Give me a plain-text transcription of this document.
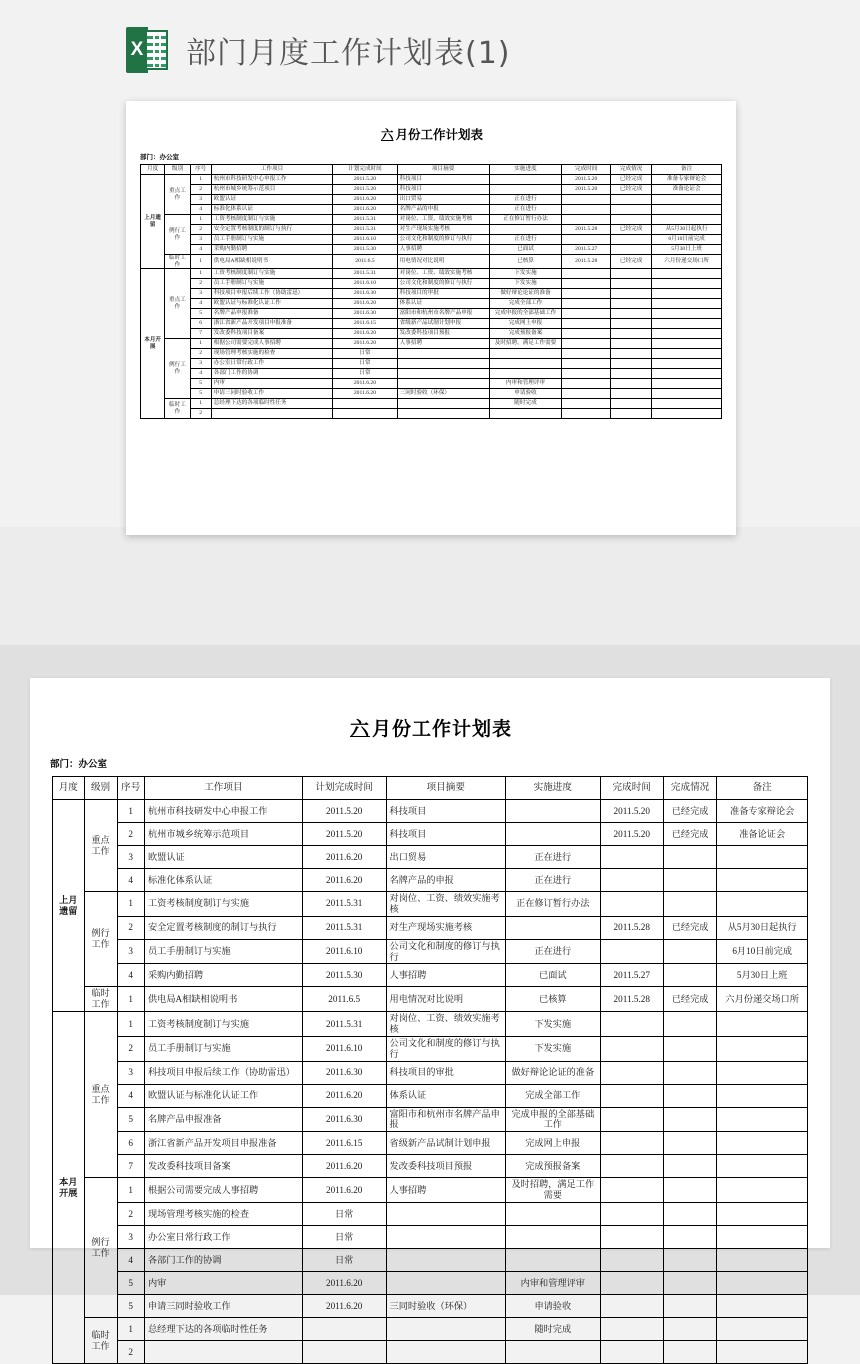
X 部门月度工作计划表(1)
六 月份工作计划表
部门：办公室
月度	级别	序号	工作项目	计划完成时间	项目摘要	实施进度	完成时间	完成情况	备注
上月遗留	重点工作	1	杭州市科技研发中心申报工作	2011.5.20	科技项目		2011.5.20	已经完成	准备专家辩论会
		2	杭州市城乡统筹示范项目	2011.5.20	科技项目		2011.5.20	已经完成	准备论证会
		3	欧盟认证	2011.6.20	出口贸易	正在进行			
		4	标准化体系认证	2011.6.20	名牌产品的申报	正在进行			
	例行工作	1	工资考核制度制订与实施	2011.5.31	对岗位、工资、绩效实施考核	正在修订暂行办法			
		2	安全定置考核制度的制订与执行	2011.5.31	对生产现场实施考核		2011.5.28	已经完成	从5月30日起执行
		3	员工手册制订与实施	2011.6.10	公司文化和制度的修订与执行	正在进行			6月10日前完成
		4	采购内勤招聘	2011.5.30	人事招聘	已面试	2011.5.27		5月30日上班
	临时工作	1	供电局A相缺相说明书	2011.6.5	用电情况对比说明	已核算	2011.5.28	已经完成	六月份递交场口所
本月开展	重点工作	1	工资考核制度制订与实施	2011.5.31	对岗位、工资、绩效实施考核	下发实施			
		2	员工手册制订与实施	2011.6.10	公司文化和制度的修订与执行	下发实施			
		3	科技项目申报后续工作（协助雷迅）	2011.6.30	科技项目的审批	做好辩论论证的准备			
		4	欧盟认证与标准化认证工作	2011.6.20	体系认证	完成全部工作			
		5	名牌产品申报准备	2011.6.30	富阳市和杭州市名牌产品申报	完成申报的全部基础工作			
		6	浙江省新产品开发项目申报准备	2011.6.15	省级新产品试制计划申报	完成网上申报			
		7	发改委科技项目备案	2011.6.20	发改委科技项目预报	完成预报备案			
	例行工作	1	根据公司需要完成人事招聘	2011.6.20	人事招聘	及时招聘，满足工作需要			
		2	现场管理考核实施的检查	日常					
		3	办公室日常行政工作	日常					
		4	各部门工作的协调	日常					
		5	内审	2011.6.20		内审和管理评审			
		5	申请三同时验收工作	2011.6.20	三同时验收（环保）	申请验收			
	临时工作	1	总经理下达的各项临时性任务			随时完成			
		2							
六 月份工作计划表
部门：办公室
月度	级别	序号	工作项目	计划完成时间	项目摘要	实施进度	完成时间	完成情况	备注
上月遗留	重点工作	1	杭州市科技研发中心申报工作	2011.5.20	科技项目		2011.5.20	已经完成	准备专家辩论会
		2	杭州市城乡统筹示范项目	2011.5.20	科技项目		2011.5.20	已经完成	准备论证会
		3	欧盟认证	2011.6.20	出口贸易	正在进行			
		4	标准化体系认证	2011.6.20	名牌产品的申报	正在进行			
	例行工作	1	工资考核制度制订与实施	2011.5.31	对岗位、工资、绩效实施考核	正在修订暂行办法			
		2	安全定置考核制度的制订与执行	2011.5.31	对生产现场实施考核		2011.5.28	已经完成	从5月30日起执行
		3	员工手册制订与实施	2011.6.10	公司文化和制度的修订与执行	正在进行			6月10日前完成
		4	采购内勤招聘	2011.5.30	人事招聘	已面试	2011.5.27		5月30日上班
	临时工作	1	供电局A相缺相说明书	2011.6.5	用电情况对比说明	已核算	2011.5.28	已经完成	六月份递交场口所
本月开展	重点工作	1	工资考核制度制订与实施	2011.5.31	对岗位、工资、绩效实施考核	下发实施			
		2	员工手册制订与实施	2011.6.10	公司文化和制度的修订与执行	下发实施			
		3	科技项目申报后续工作（协助雷迅）	2011.6.30	科技项目的审批	做好辩论论证的准备			
		4	欧盟认证与标准化认证工作	2011.6.20	体系认证	完成全部工作			
		5	名牌产品申报准备	2011.6.30	富阳市和杭州市名牌产品申报	完成申报的全部基础工作			
		6	浙江省新产品开发项目申报准备	2011.6.15	省级新产品试制计划申报	完成网上申报			
		7	发改委科技项目备案	2011.6.20	发改委科技项目预报	完成预报备案			
	例行工作	1	根据公司需要完成人事招聘	2011.6.20	人事招聘	及时招聘，满足工作需要			
		2	现场管理考核实施的检查	日常					
		3	办公室日常行政工作	日常					
		4	各部门工作的协调	日常					
		5	内审	2011.6.20		内审和管理评审			
		5	申请三同时验收工作	2011.6.20	三同时验收（环保）	申请验收			
	临时工作	1	总经理下达的各项临时性任务			随时完成			
		2							
